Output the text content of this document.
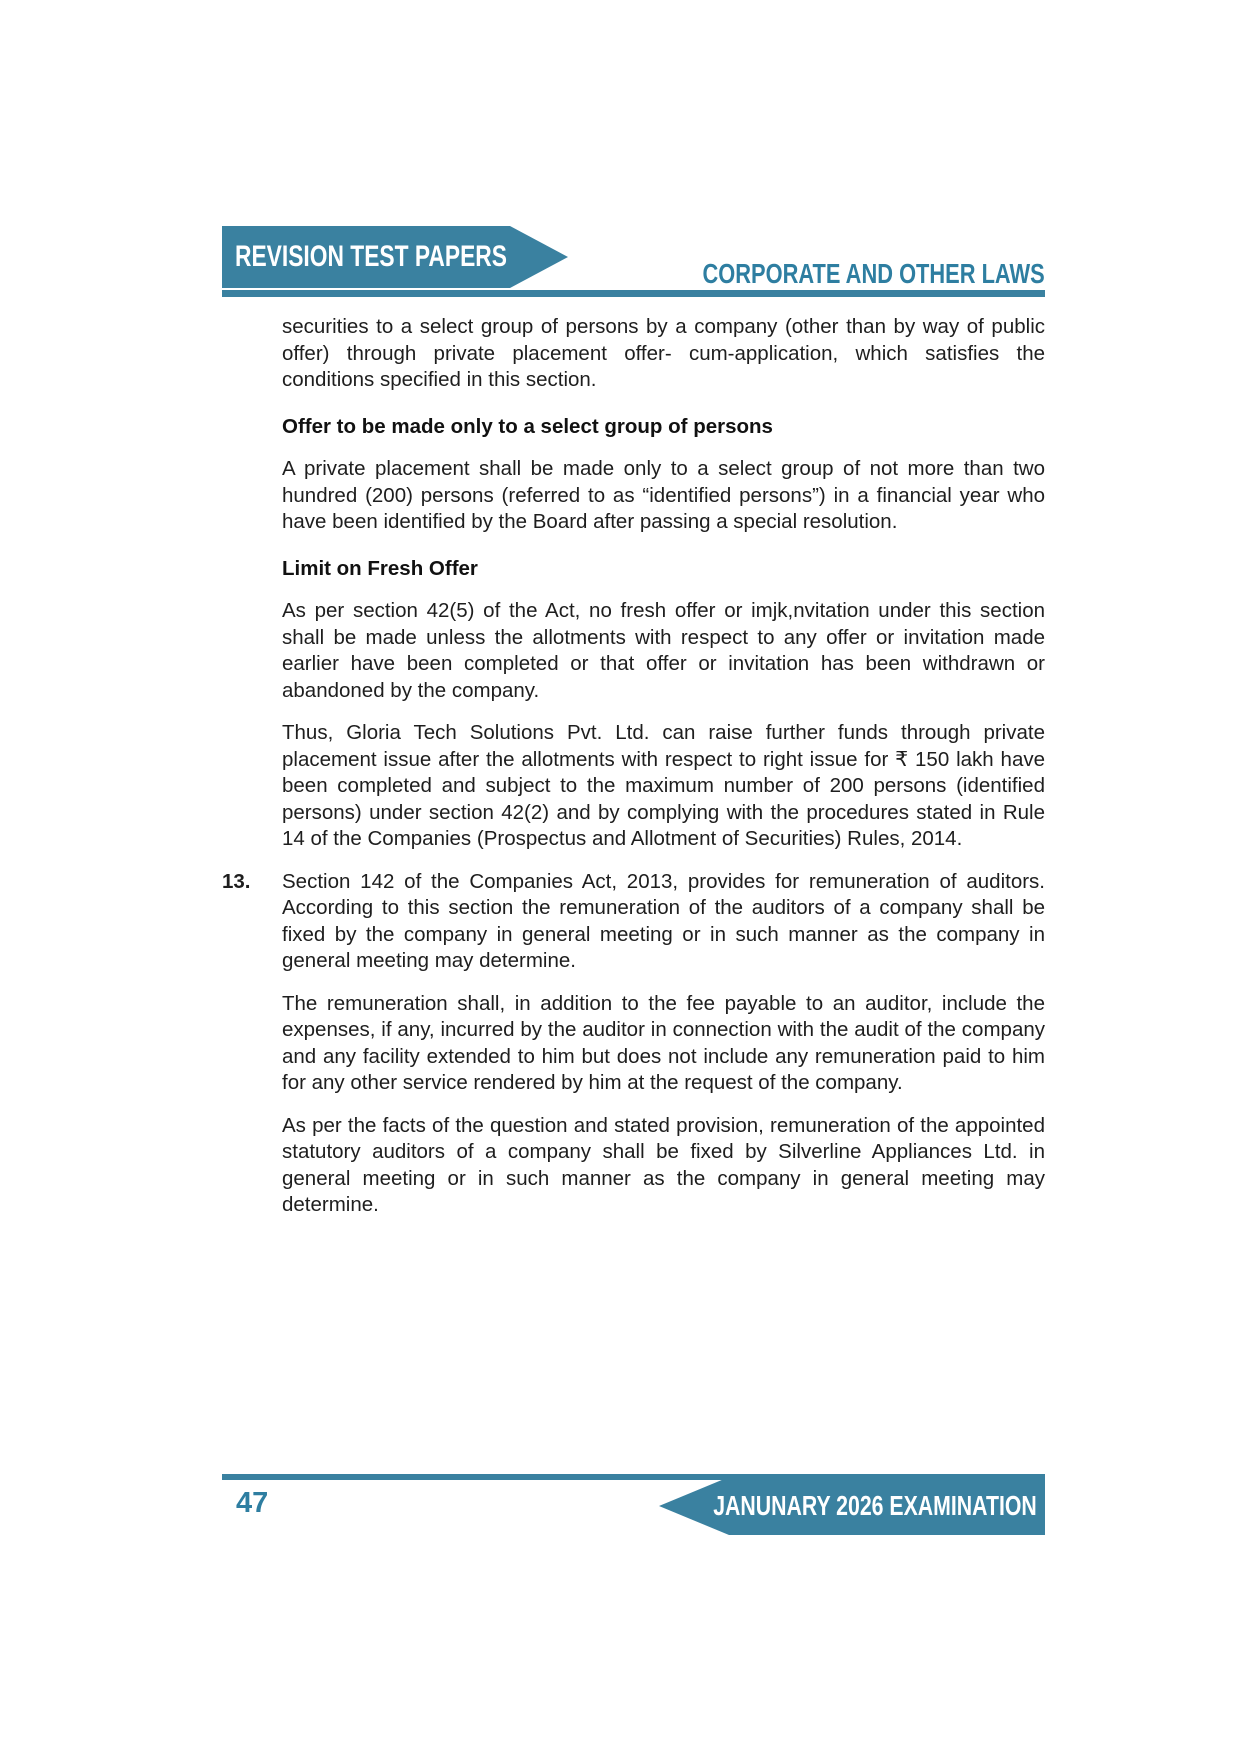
REVISION TEST PAPERS
CORPORATE AND OTHER LAWS

securities to a select group of persons by a company (other than by way of public offer) through private placement offer- cum-application, which satisfies the conditions specified in this section.

Offer to be made only to a select group of persons

A private placement shall be made only to a select group of not more than two hundred (200) persons (referred to as “identified persons”) in a financial year who have been identified by the Board after passing a special resolution.

Limit on Fresh Offer

As per section 42(5) of the Act, no fresh offer or imjk,nvitation under this section shall be made unless the allotments with respect to any offer or invitation made earlier have been completed or that offer or invitation has been withdrawn or abandoned by the company.

Thus, Gloria Tech Solutions Pvt. Ltd. can raise further funds through private placement issue after the allotments with respect to right issue for ₹ 150 lakh have been completed and subject to the maximum number of 200 persons (identified persons) under section 42(2) and by complying with the procedures stated in Rule 14 of the Companies (Prospectus and Allotment of Securities) Rules, 2014.

13.	Section 142 of the Companies Act, 2013, provides for remuneration of auditors. According to this section the remuneration of the auditors of a company shall be fixed by the company in general meeting or in such manner as the company in general meeting may determine.

The remuneration shall, in addition to the fee payable to an auditor, include the expenses, if any, incurred by the auditor in connection with the audit of the company and any facility extended to him but does not include any remuneration paid to him for any other service rendered by him at the request of the company.

As per the facts of the question and stated provision, remuneration of the appointed statutory auditors of a company shall be fixed by Silverline Appliances Ltd. in general meeting or in such manner as the company in general meeting may determine.

47	JANUNARY 2026 EXAMINATION
